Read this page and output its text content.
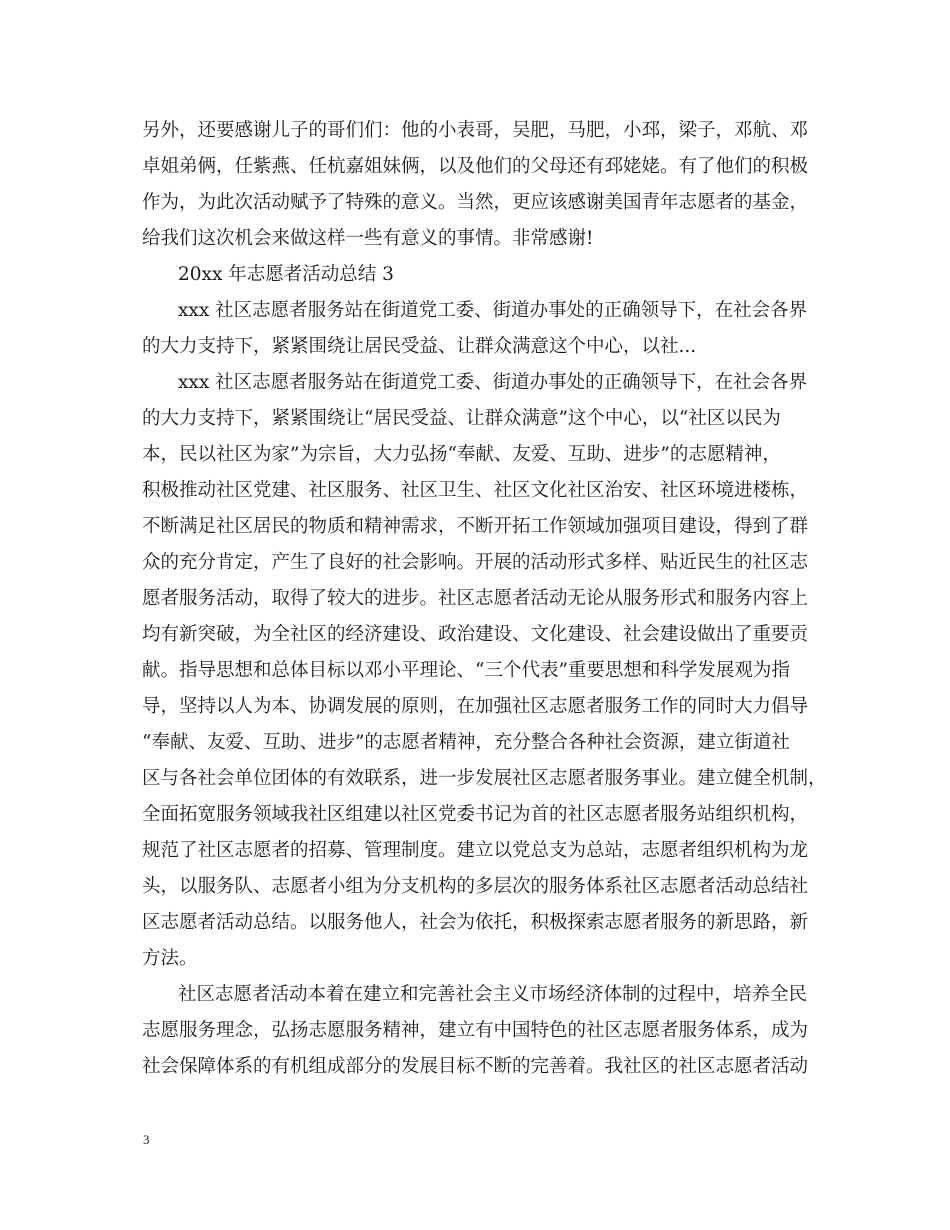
另外，还要感谢儿子的哥们们：他的小表哥，吴肥，马肥，小邳，梁子，邓航、邓
卓姐弟俩，任紫燕、任杭嘉姐妹俩，以及他们的父母还有邳姥姥。有了他们的积极
作为，为此次活动赋予了特殊的意义。当然，更应该感谢美国青年志愿者的基金，
给我们这次机会来做这样一些有意义的事情。非常感谢!
20xx 年志愿者活动总结 3
xxx 社区志愿者服务站在街道党工委、街道办事处的正确领导下，在社会各界
的大力支持下，紧紧围绕让居民受益、让群众满意这个中心，以社...
xxx 社区志愿者服务站在街道党工委、街道办事处的正确领导下，在社会各界
的大力支持下，紧紧围绕让“居民受益、让群众满意”这个中心，以“社区以民为
本，民以社区为家”为宗旨，大力弘扬“奉献、友爱、互助、进步”的志愿精神，
积极推动社区党建、社区服务、社区卫生、社区文化社区治安、社区环境进楼栋，
不断满足社区居民的物质和精神需求，不断开拓工作领域加强项目建设，得到了群
众的充分肯定，产生了良好的社会影响。开展的活动形式多样、贴近民生的社区志
愿者服务活动，取得了较大的进步。社区志愿者活动无论从服务形式和服务内容上
均有新突破，为全社区的经济建设、政治建设、文化建设、社会建设做出了重要贡
献。指导思想和总体目标以邓小平理论、“三个代表”重要思想和科学发展观为指
导，坚持以人为本、协调发展的原则，在加强社区志愿者服务工作的同时大力倡导
“奉献、友爱、互助、进步”的志愿者精神，充分整合各种社会资源，建立街道社
区与各社会单位团体的有效联系，进一步发展社区志愿者服务事业。建立健全机制，
全面拓宽服务领域我社区组建以社区党委书记为首的社区志愿者服务站组织机构，
规范了社区志愿者的招募、管理制度。建立以党总支为总站，志愿者组织机构为龙
头，以服务队、志愿者小组为分支机构的多层次的服务体系社区志愿者活动总结社
区志愿者活动总结。以服务他人，社会为依托，积极探索志愿者服务的新思路，新
方法。
社区志愿者活动本着在建立和完善社会主义市场经济体制的过程中，培养全民
志愿服务理念，弘扬志愿服务精神，建立有中国特色的社区志愿者服务体系，成为
社会保障体系的有机组成部分的发展目标不断的完善着。我社区的社区志愿者活动
3
